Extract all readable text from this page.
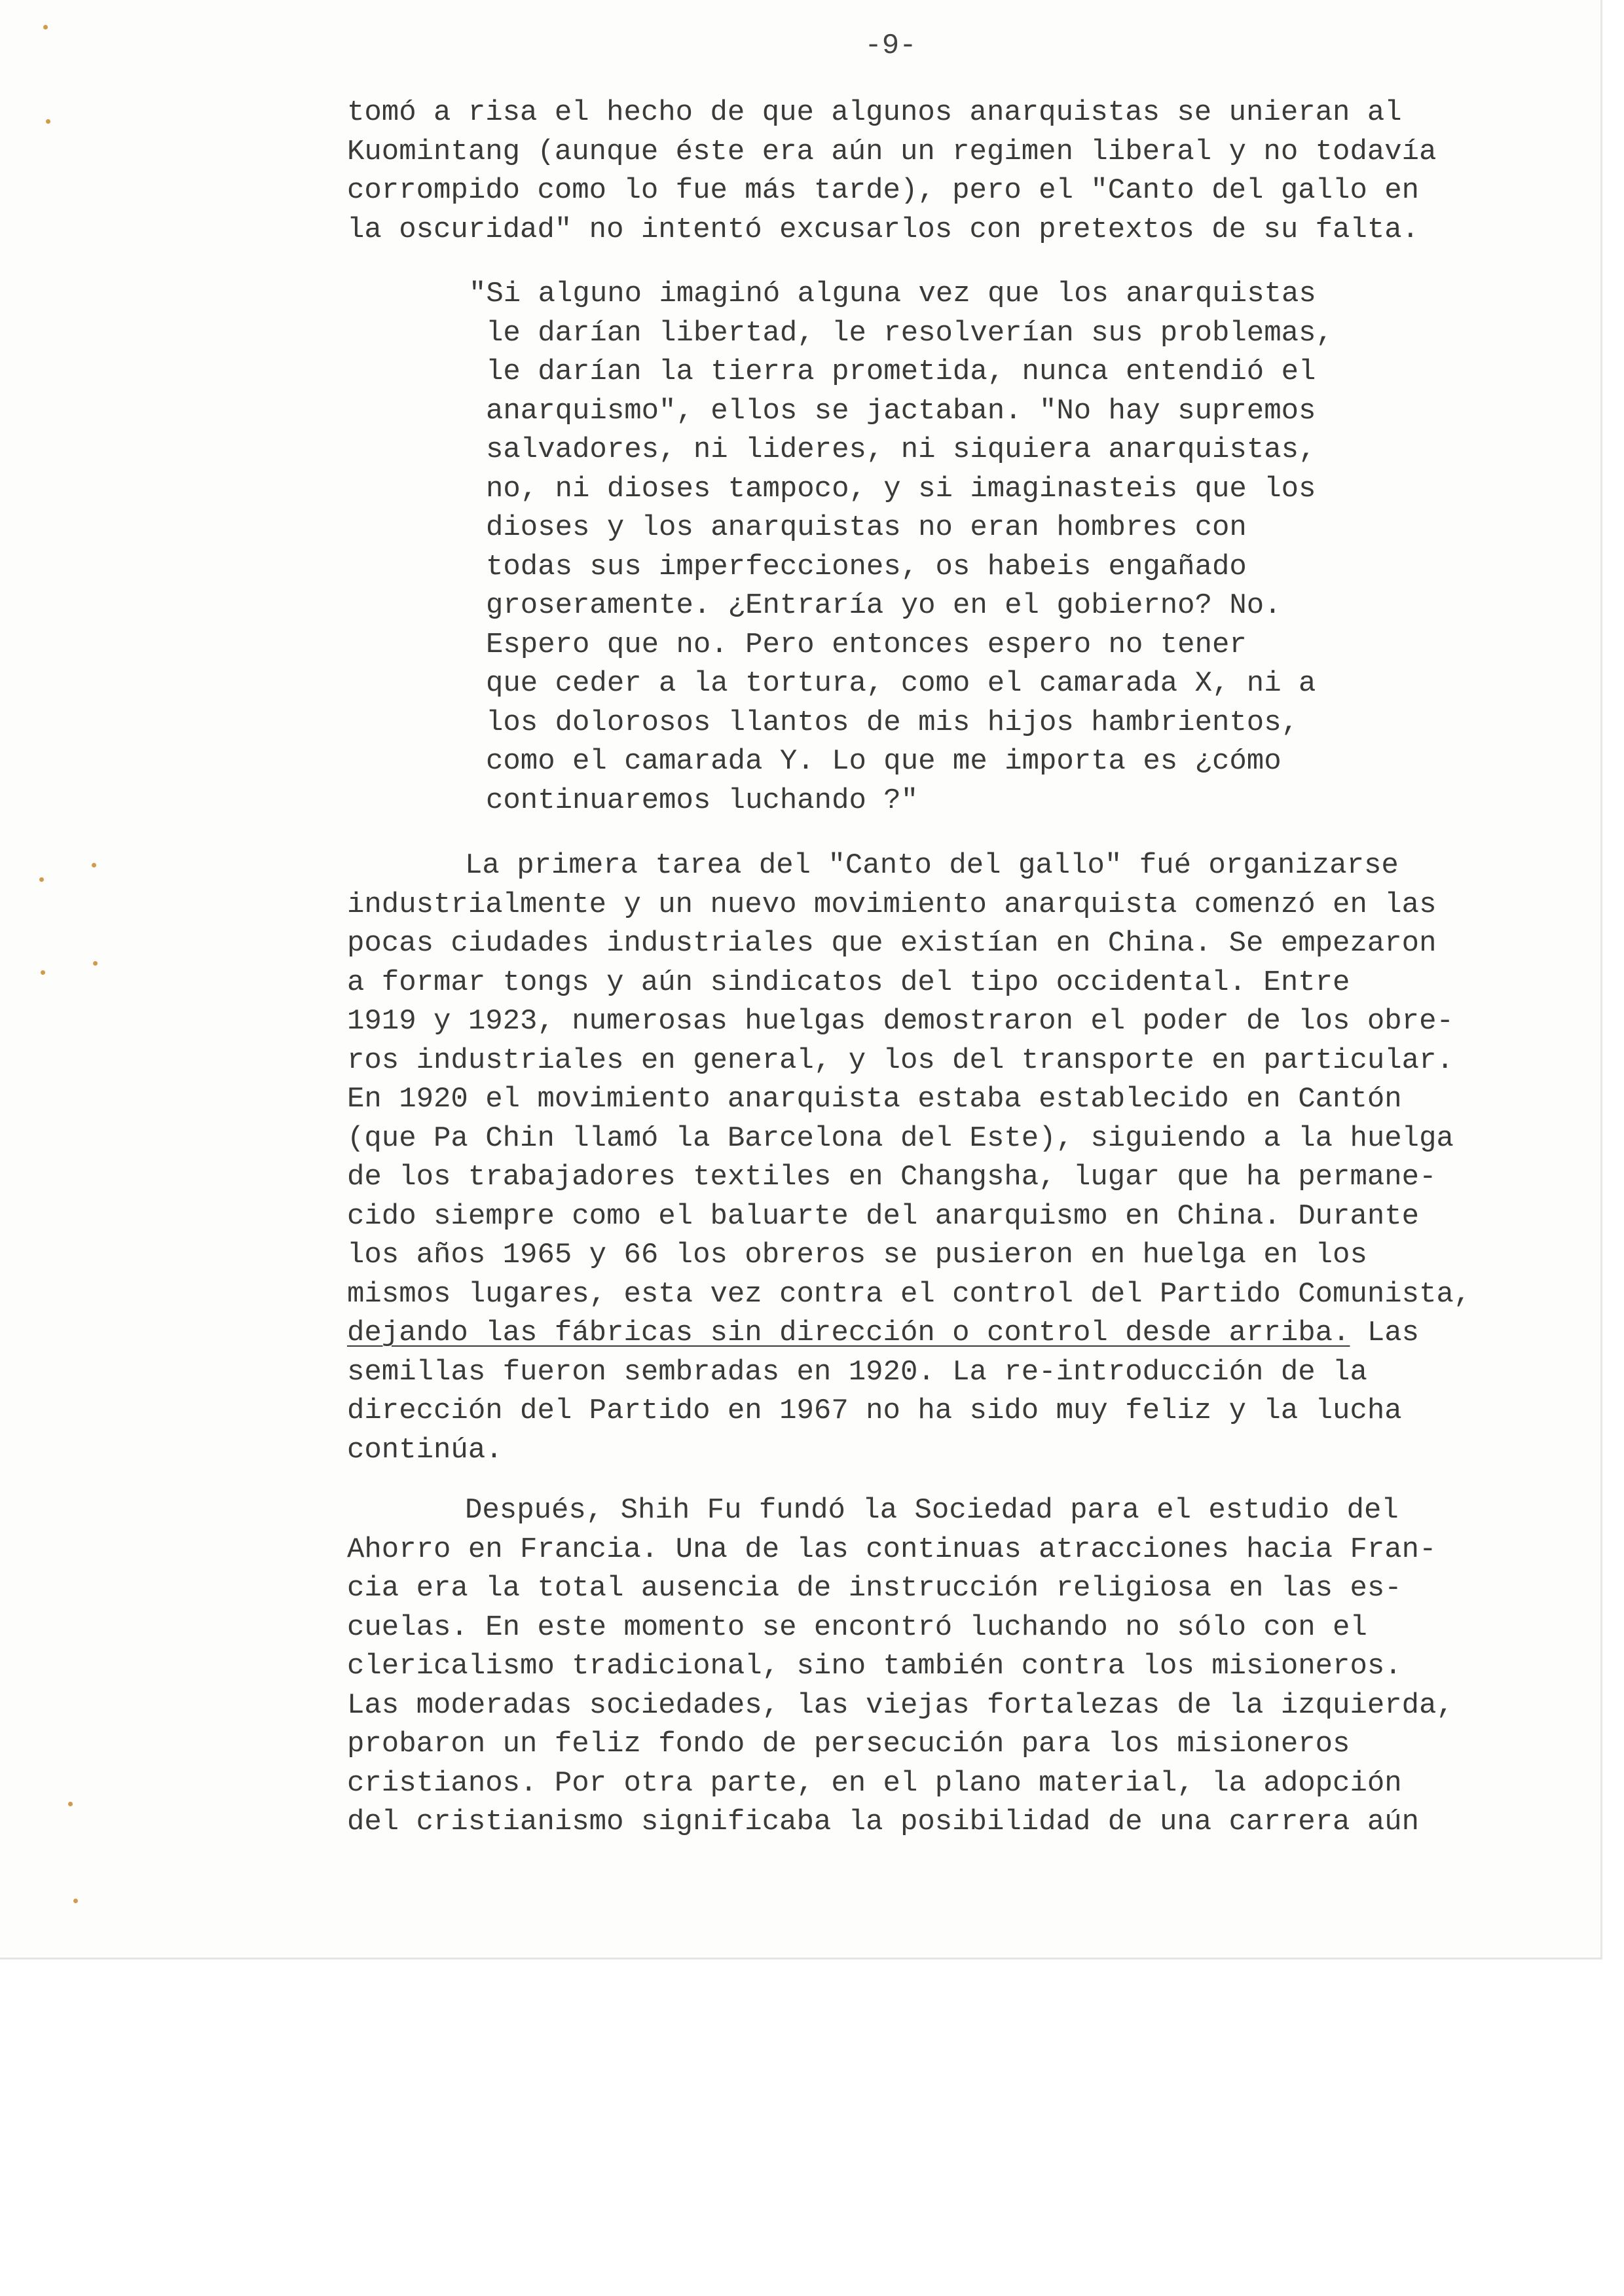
-9-
tomó a risa el hecho de que algunos anarquistas se unieran al
Kuomintang (aunque éste era aún un regimen liberal y no todavía
corrompido como lo fue más tarde), pero el "Canto del gallo en
la oscuridad" no intentó excusarlos con pretextos de su falta.
"Si alguno imaginó alguna vez que los anarquistas
le darían libertad, le resolverían sus problemas,
le darían la tierra prometida, nunca entendió el
anarquismo", ellos se jactaban. "No hay supremos
salvadores, ni lideres, ni siquiera anarquistas,
no, ni dioses tampoco, y si imaginasteis que los
dioses y los anarquistas no eran hombres con
todas sus imperfecciones, os habeis engañado
groseramente. ¿Entraría yo en el gobierno? No.
Espero que no. Pero entonces espero no tener
que ceder a la tortura, como el camarada X, ni a
los dolorosos llantos de mis hijos hambrientos,
como el camarada Y. Lo que me importa es ¿cómo
continuaremos luchando ?"
La primera tarea del "Canto del gallo" fué organizarse
industrialmente y un nuevo movimiento anarquista comenzó en las
pocas ciudades industriales que existían en China. Se empezaron
a formar tongs y aún sindicatos del tipo occidental. Entre
1919 y 1923, numerosas huelgas demostraron el poder de los obre-
ros industriales en general, y los del transporte en particular.
En 1920 el movimiento anarquista estaba establecido en Cantón
(que Pa Chin llamó la Barcelona del Este), siguiendo a la huelga
de los trabajadores textiles en Changsha, lugar que ha permane-
cido siempre como el baluarte del anarquismo en China. Durante
los años 1965 y 66 los obreros se pusieron en huelga en los
mismos lugares, esta vez contra el control del Partido Comunista,
dejando las fábricas sin dirección o control desde arriba. Las
semillas fueron sembradas en 1920. La re-introducción de la
dirección del Partido en 1967 no ha sido muy feliz y la lucha
continúa.
Después, Shih Fu fundó la Sociedad para el estudio del
Ahorro en Francia. Una de las continuas atracciones hacia Fran-
cia era la total ausencia de instrucción religiosa en las es-
cuelas. En este momento se encontró luchando no sólo con el
clericalismo tradicional, sino también contra los misioneros.
Las moderadas sociedades, las viejas fortalezas de la izquierda,
probaron un feliz fondo de persecución para los misioneros
cristianos. Por otra parte, en el plano material, la adopción
del cristianismo significaba la posibilidad de una carrera aún
